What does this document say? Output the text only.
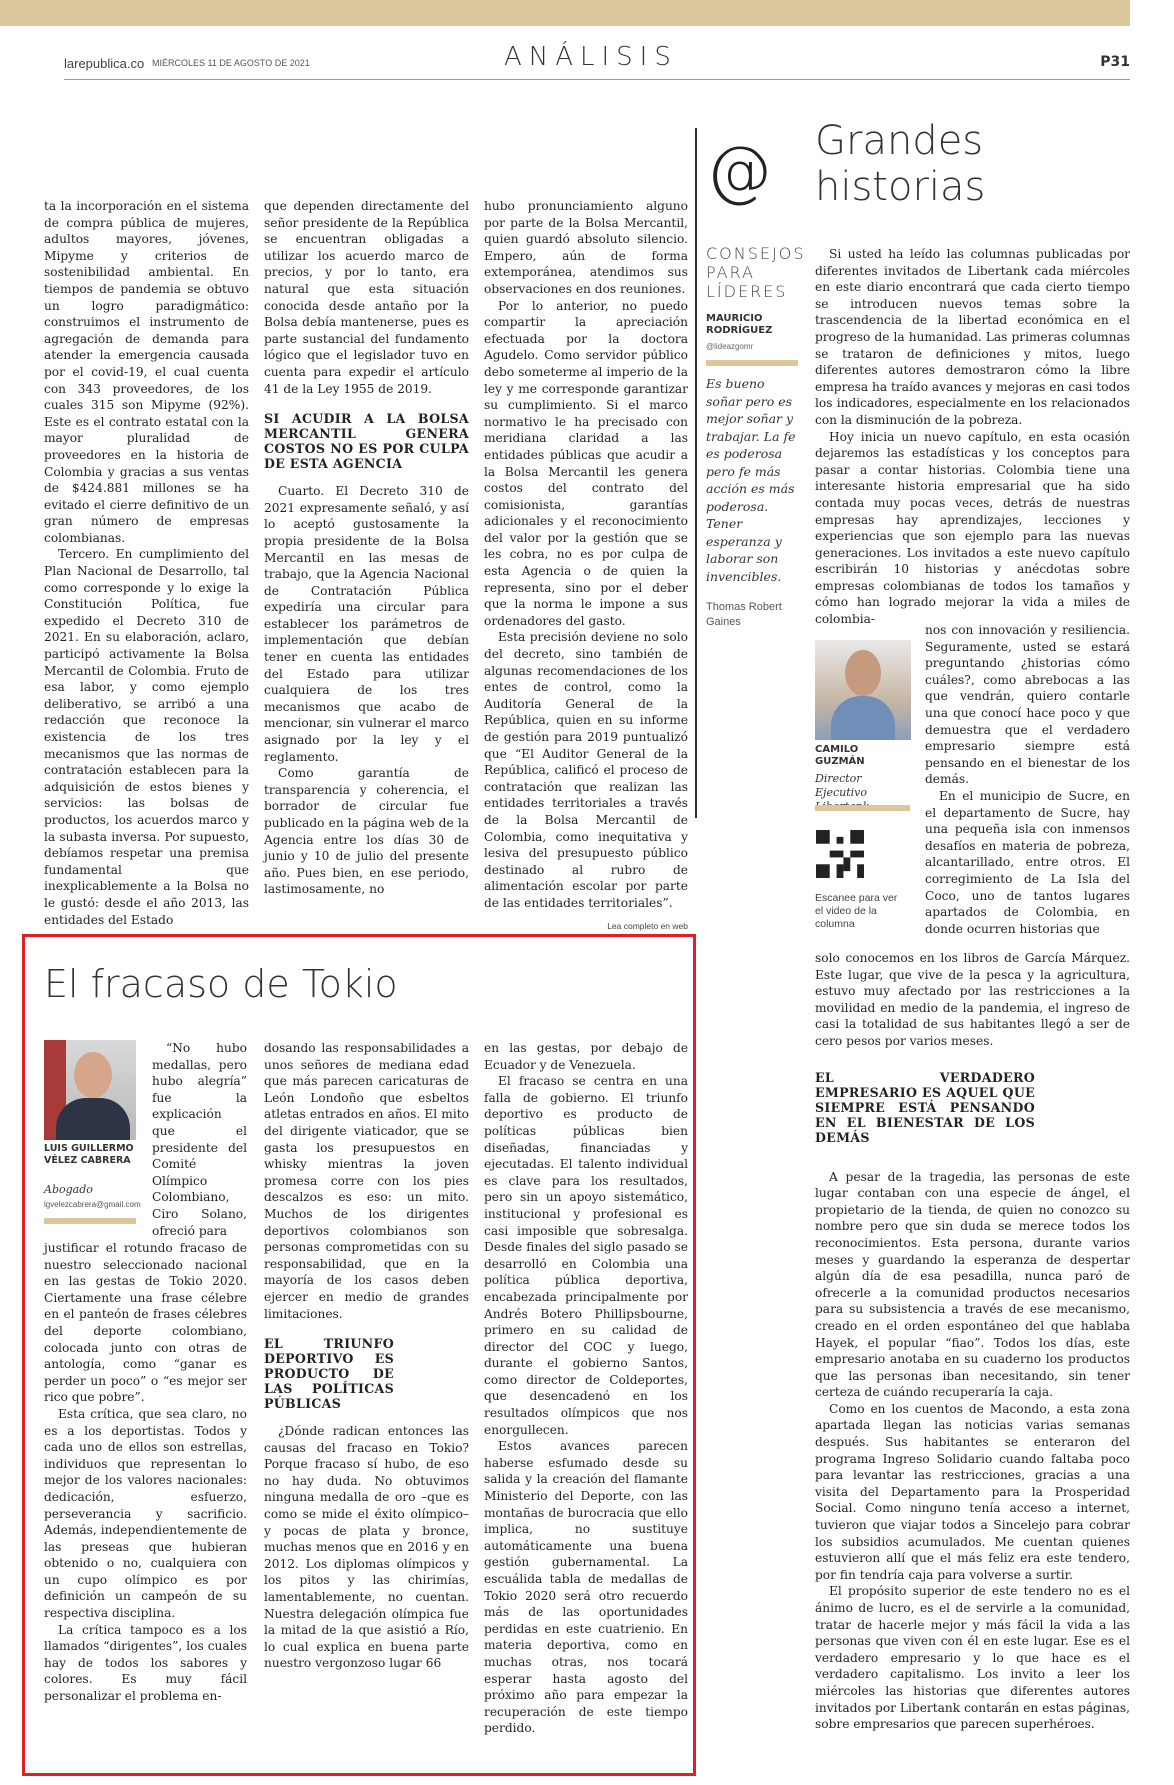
larepublica.co MIÉRCOLES 11 DE AGOSTO DE 2021	ANÁLISIS	P31

ta la incorporación en el sistema de compra pública de mujeres, adultos mayores, jóvenes, Mipyme y criterios de sostenibilidad ambiental. En tiempos de pandemia se obtuvo un logro paradigmático: construimos el instrumento de agregación de demanda para atender la emergencia causada por el covid-19, el cual cuenta con 343 proveedores, de los cuales 315 son Mipyme (92%). Este es el contrato estatal con la mayor pluralidad de proveedores en la historia de Colombia y gracias a sus ventas de $424.881 millones se ha evitado el cierre definitivo de un gran número de empresas colombianas.

Tercero. En cumplimiento del Plan Nacional de Desarrollo, tal como corresponde y lo exige la Constitución Política, fue expedido el Decreto 310 de 2021. En su elaboración, aclaro, participó activamente la Bolsa Mercantil de Colombia. Fruto de esa labor, y como ejemplo deliberativo, se arribó a una redacción que reconoce la existencia de los tres mecanismos que las normas de contratación establecen para la adquisición de estos bienes y servicios: las bolsas de productos, los acuerdos marco y la subasta inversa. Por supuesto, debíamos respetar una premisa fundamental que inexplicablemente a la Bolsa no le gustó: desde el año 2013, las entidades del Estado

que dependen directamente del señor presidente de la República se encuentran obligadas a utilizar los acuerdo marco de precios, y por lo tanto, era natural que esta situación conocida desde antaño por la Bolsa debía mantenerse, pues es parte sustancial del fundamento lógico que el legislador tuvo en cuenta para expedir el artículo 41 de la Ley 1955 de 2019.

SI ACUDIR A LA BOLSA MERCANTIL GENERA COSTOS NO ES POR CULPA DE ESTA AGENCIA

Cuarto. El Decreto 310 de 2021 expresamente señaló, y así lo aceptó gustosamente la propia presidente de la Bolsa Mercantil en las mesas de trabajo, que la Agencia Nacional de Contratación Pública expediría una circular para establecer los parámetros de implementación que debían tener en cuenta las entidades del Estado para utilizar cualquiera de los tres mecanismos que acabo de mencionar, sin vulnerar el marco asignado por la ley y el reglamento.

Como garantía de transparencia y coherencia, el borrador de circular fue publicado en la página web de la Agencia entre los días 30 de junio y 10 de julio del presente año. Pues bien, en ese periodo, lastimosamente, no

hubo pronunciamiento alguno por parte de la Bolsa Mercantil, quien guardó absoluto silencio. Empero, aún de forma extemporánea, atendimos sus observaciones en dos reuniones.

Por lo anterior, no puedo compartir la apreciación efectuada por la doctora Agudelo. Como servidor público debo someterme al imperio de la ley y me corresponde garantizar su cumplimiento. Si el marco normativo le ha precisado con meridiana claridad a las entidades públicas que acudir a la Bolsa Mercantil les genera costos del contrato del comisionista, garantías adicionales y el reconocimiento del valor por la gestión que se les cobra, no es por culpa de esta Agencia o de quien la representa, sino por el deber que la norma le impone a sus ordenadores del gasto.

Esta precisión deviene no solo del decreto, sino también de algunas recomendaciones de los entes de control, como la Auditoría General de la República, quien en su informe de gestión para 2019 puntualizó que “El Auditor General de la República, calificó el proceso de contratación que realizan las entidades territoriales a través de la Bolsa Mercantil de Colombia, como inequitativa y lesiva del presupuesto público destinado al rubro de alimentación escolar por parte de las entidades territoriales”.

Lea completo en web
@
CONSEJOS PARA LÍDERES
MAURICIO RODRÍGUEZ
@lideazgomr
Es bueno soñar pero es mejor soñar y trabajar. La fe es poderosa pero fe más acción es más poderosa. Tener esperanza y laborar son invencibles.
Thomas Robert Gaines
Grandes historias

Si usted ha leído las columnas publicadas por diferentes invitados de Libertank cada miércoles en este diario encontrará que cada cierto tiempo se introducen nuevos temas sobre la trascendencia de la libertad económica en el progreso de la humanidad. Las primeras columnas se trataron de definiciones y mitos, luego diferentes autores demostraron cómo la libre empresa ha traído avances y mejoras en casi todos los indicadores, especialmente en los relacionados con la disminución de la pobreza.

Hoy inicia un nuevo capítulo, en esta ocasión dejaremos las estadísticas y los conceptos para pasar a contar historias. Colombia tiene una interesante historia empresarial que ha sido contada muy pocas veces, detrás de nuestras empresas hay aprendizajes, lecciones y experiencias que son ejemplo para las nuevas generaciones. Los invitados a este nuevo capítulo escribirán 10 historias y anécdotas sobre empresas colombianas de todos los tamaños y cómo han logrado mejorar la vida a miles de colombia-

CAMILO GUZMÁN
Director Ejecutivo
Escanee para ver el video de la columna

nos con innovación y resiliencia. Seguramente, usted se estará preguntando ¿historias cómo cuáles?, como abrebocas a las que vendrán, quiero contarle una que conocí hace poco y que demuestra que el verdadero empresario siempre está pensando en el bienestar de los demás.

En el municipio de Sucre, en el departamento de Sucre, hay una pequeña isla con inmensos desafíos en materia de pobreza, alcantarillado, entre otros. El corregimiento de La Isla del Coco, uno de tantos lugares apartados de Colombia, en donde ocurren historias que

solo conocemos en los libros de García Márquez. Este lugar, que vive de la pesca y la agricultura, estuvo muy afectado por las restricciones a la movilidad en medio de la pandemia, el ingreso de casi la totalidad de sus habitantes llegó a ser de cero pesos por varios meses.

EL VERDADERO EMPRESARIO ES AQUEL QUE SIEMPRE ESTÁ PENSANDO EN EL BIENESTAR DE LOS DEMÁS

A pesar de la tragedia, las personas de este lugar contaban con una especie de ángel, el propietario de la tienda, de quien no conozco su nombre pero que sin duda se merece todos los reconocimientos. Esta persona, durante varios meses y guardando la esperanza de despertar algún día de esa pesadilla, nunca paró de ofrecerle a la comunidad productos necesarios para su subsistencia a través de ese mecanismo, creado en el orden espontáneo del que hablaba Hayek, el popular “fiao”. Todos los días, este empresario anotaba en su cuaderno los productos que las personas iban necesitando, sin tener certeza de cuándo recuperaría la caja.

Como en los cuentos de Macondo, a esta zona apartada llegan las noticias varias semanas después. Sus habitantes se enteraron del programa Ingreso Solidario cuando faltaba poco para levantar las restricciones, gracias a una visita del Departamento para la Prosperidad Social. Como ninguno tenía acceso a internet, tuvieron que viajar todos a Sincelejo para cobrar los subsidios acumulados. Me cuentan quienes estuvieron allí que el más feliz era este tendero, por fin tendría caja para volverse a surtir.

El propósito superior de este tendero no es el ánimo de lucro, es el de servirle a la comunidad, tratar de hacerle mejor y más fácil la vida a las personas que viven con él en este lugar. Ese es el verdadero empresario y lo que hace es el verdadero capitalismo. Los invito a leer los miércoles las historias que diferentes autores invitados por Libertank contarán en estas páginas, sobre empresarios que parecen superhéroes.

El fracaso de Tokio
LUIS GUILLERMO VÉLEZ CABRERA
Abogado
lgvelezcabrera@gmail.com

“No hubo medallas, pero hubo alegría” fue la explicación que el presidente del Comité Olímpico Colombiano, Ciro Solano, ofreció para

justificar el rotundo fracaso de nuestro seleccionado nacional en las gestas de Tokio 2020. Ciertamente una frase célebre en el panteón de frases célebres del deporte colombiano, colocada junto con otras de antología, como “ganar es perder un poco” o “es mejor ser rico que pobre”.

Esta crítica, que sea claro, no es a los deportistas. Todos y cada uno de ellos son estrellas, individuos que representan lo mejor de los valores nacionales: dedicación, esfuerzo, perseverancia y sacrificio. Además, independientemente de las preseas que hubieran obtenido o no, cualquiera con un cupo olímpico es por definición un campeón de su respectiva disciplina.

La crítica tampoco es a los llamados “dirigentes”, los cuales hay de todos los sabores y colores. Es muy fácil personalizar el problema en-

dosando las responsabilidades a unos señores de mediana edad que más parecen caricaturas de León Londoño que esbeltos atletas entrados en años. El mito del dirigente viaticador, que se gasta los presupuestos en whisky mientras la joven promesa corre con los pies descalzos es eso: un mito. Muchos de los dirigentes deportivos colombianos son personas comprometidas con su responsabilidad, que en la mayoría de los casos deben ejercer en medio de grandes limitaciones.

EL TRIUNFO DEPORTIVO ES PRODUCTO DE LAS POLÍTICAS PÚBLICAS

¿Dónde radican entonces las causas del fracaso en Tokio? Porque fracaso sí hubo, de eso no hay duda. No obtuvimos ninguna medalla de oro –que es como se mide el éxito olímpico– y pocas de plata y bronce, muchas menos que en 2016 y en 2012. Los diplomas olímpicos y los pitos y las chirimías, lamentablemente, no cuentan. Nuestra delegación olímpica fue la mitad de la que asistió a Río, lo cual explica en buena parte nuestro vergonzoso lugar 66

en las gestas, por debajo de Ecuador y de Venezuela.

El fracaso se centra en una falla de gobierno. El triunfo deportivo es producto de políticas públicas bien diseñadas, financiadas y ejecutadas. El talento individual es clave para los resultados, pero sin un apoyo sistemático, institucional y profesional es casi imposible que sobresalga. Desde finales del siglo pasado se desarrolló en Colombia una política pública deportiva, encabezada principalmente por Andrés Botero Phillipsbourne, primero en su calidad de director del COC y luego, durante el gobierno Santos, como director de Coldeportes, que desencadenó en los resultados olímpicos que nos enorgullecen.

Estos avances parecen haberse esfumado desde su salida y la creación del flamante Ministerio del Deporte, con las montañas de burocracia que ello implica, no sustituye automáticamente una buena gestión gubernamental. La escuálida tabla de medallas de Tokio 2020 será otro recuerdo más de las oportunidades perdidas en este cuatrienio. En materia deportiva, como en muchas otras, nos tocará esperar hasta agosto del próximo año para empezar la recuperación de este tiempo perdido.
